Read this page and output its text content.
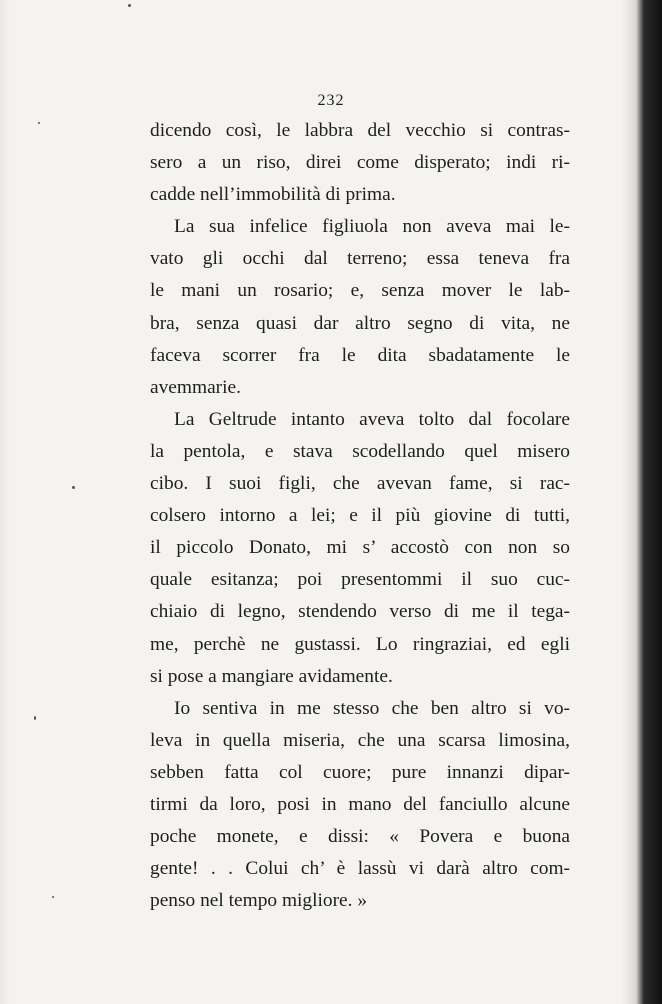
232
dicendo così, le labbra del vecchio si contras-
sero a un riso, direi come disperato; indi ri-
cadde nell’immobilità di prima.
La sua infelice figliuola non aveva mai le-
vato gli occhi dal terreno; essa teneva fra
le mani un rosario; e, senza mover le lab-
bra, senza quasi dar altro segno di vita, ne
faceva scorrer fra le dita sbadatamente le
avemmarie.
La Geltrude intanto aveva tolto dal focolare
la pentola, e stava scodellando quel misero
cibo. I suoi figli, che avevan fame, si rac-
colsero intorno a lei; e il più giovine di tutti,
il piccolo Donato, mi s’ accostò con non so
quale esitanza; poi presentommi il suo cuc-
chiaio di legno, stendendo verso di me il tega-
me, perchè ne gustassi. Lo ringraziai, ed egli
si pose a mangiare avidamente.
Io sentiva in me stesso che ben altro si vo-
leva in quella miseria, che una scarsa limosina,
sebben fatta col cuore; pure innanzi dipar-
tirmi da loro, posi in mano del fanciullo alcune
poche monete, e dissi: « Povera e buona
gente! . . Colui ch’ è lassù vi darà altro com-
penso nel tempo migliore. »
